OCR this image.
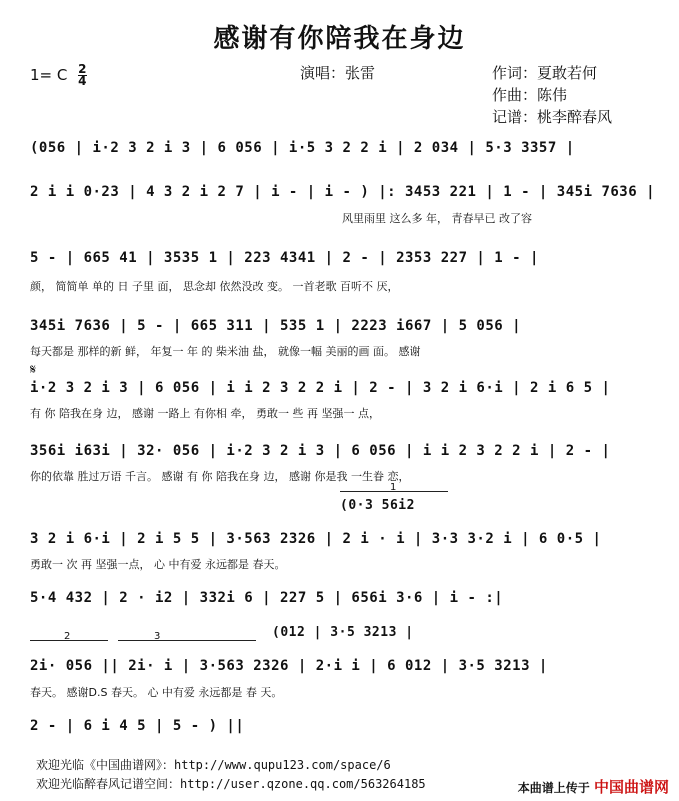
感谢有你陪我在身边
1= C $\frac{2}{4}$	演唱：张雷	作词：夏敢若何
作曲：陈伟
记谱：桃李醉春风
(056 | i·2 3 2 i 3 | 6 056 | i·5 3 2 2 i | 2 034 | 5·3 3357 |
2 i i 0·23 | 4 3 2 i 2 7 | i - | i - ) |: 3453 221 | 1 - | 345i 7636 |
风里雨里 这么多 年， 青春早已 改了容
5 - | 665 41 | 3535 1 | 223 4341 | 2 - | 2353 227 | 1 - |
颜， 简简单 单的 日 子里 面， 思念却 依然没改 变。 一首老歌 百听不 厌，
345i 7636 | 5 - | 665 311 | 535 1 | 2223 i667 | 5 056 |
每天都是 那样的新 鲜， 年复一 年 的 柴米油 盐， 就像一幅 美丽的画 面。 感谢
𝄋
i·2 3 2 i 3 | 6 056 | i i 2 3 2 2 i | 2 - | 3 2 i 6·i | 2 i 6 5 |
有 你 陪我在身 边， 感谢 一路上 有你相 牵， 勇敢一 些 再 坚强一 点，
356i i63i | 32· 056 | i·2 3 2 i 3 | 6 056 | i i 2 3 2 2 i | 2 - |
你的依靠 胜过万语 千言。 感谢 有 你 陪我在身 边， 感谢 你是我 一生眷 恋，
1
(0·3 56i2
3 2 i 6·i | 2 i 5 5 | 3·563 2326 | 2 i · i | 3·3 3·2 i | 6 0·5 |
勇敢一 次 再 坚强一点， 心 中有爱 永远都是 春天。
5·4 432 | 2 · i2 | 332i 6 | 227 5 | 656i 3·6 | i - :|
2	3	(012 | 3·5 3213 |
2i· 056 || 2i· i | 3·563 2326 | 2·i i | 6 012 | 3·5 3213 |
春天。 感谢D.S 春天。 心 中有爱 永远都是 春 天。
2 - | 6 i 4 5 | 5 - ) ||
欢迎光临《中国曲谱网》：http://www.qupu123.com/space/6
欢迎光临醉春风记谱空间：http://user.qzone.qq.com/563264185	本曲谱上传于 中国曲谱网
